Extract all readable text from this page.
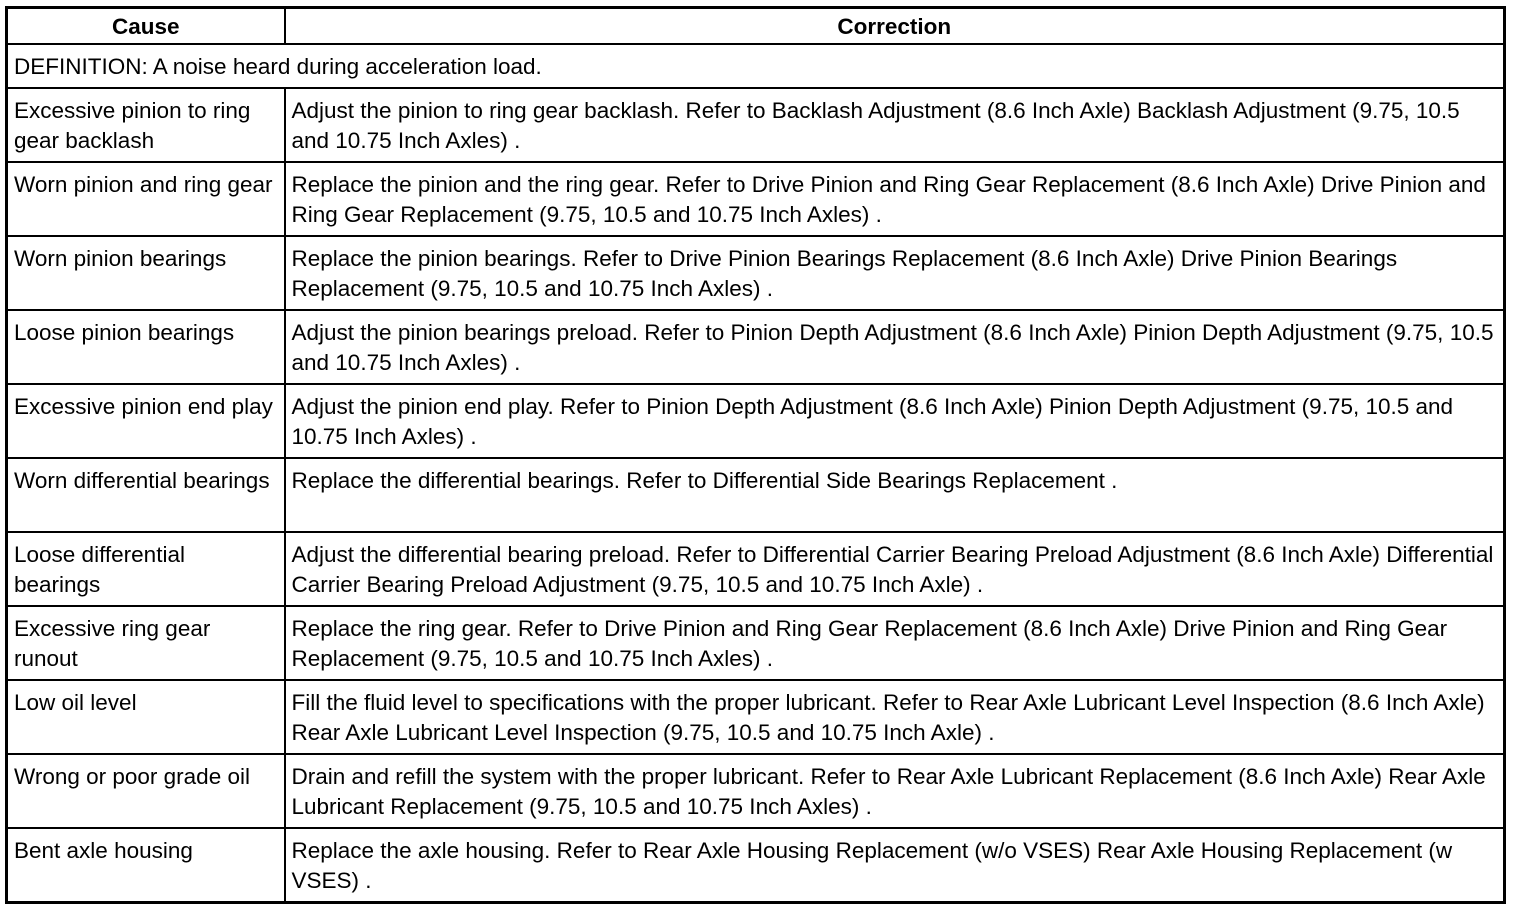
Cause	Correction
DEFINITION: A noise heard during acceleration load.	
Excessive pinion to ring gear backlash	Adjust the pinion to ring gear backlash. Refer to Backlash Adjustment (8.6 Inch Axle) Backlash Adjustment (9.75, 10.5 and 10.75 Inch Axles) .
Worn pinion and ring gear	Replace the pinion and the ring gear. Refer to Drive Pinion and Ring Gear Replacement (8.6 Inch Axle) Drive Pinion and Ring Gear Replacement (9.75, 10.5 and 10.75 Inch Axles) .
Worn pinion bearings	Replace the pinion bearings. Refer to Drive Pinion Bearings Replacement (8.6 Inch Axle) Drive Pinion Bearings Replacement (9.75, 10.5 and 10.75 Inch Axles) .
Loose pinion bearings	Adjust the pinion bearings preload. Refer to Pinion Depth Adjustment (8.6 Inch Axle) Pinion Depth Adjustment (9.75, 10.5 and 10.75 Inch Axles) .
Excessive pinion end play	Adjust the pinion end play. Refer to Pinion Depth Adjustment (8.6 Inch Axle) Pinion Depth Adjustment (9.75, 10.5 and 10.75 Inch Axles) .
Worn differential bearings	Replace the differential bearings. Refer to Differential Side Bearings Replacement .
Loose differential bearings	Adjust the differential bearing preload. Refer to Differential Carrier Bearing Preload Adjustment (8.6 Inch Axle) Differential Carrier Bearing Preload Adjustment (9.75, 10.5 and 10.75 Inch Axle) .
Excessive ring gear runout	Replace the ring gear. Refer to Drive Pinion and Ring Gear Replacement (8.6 Inch Axle) Drive Pinion and Ring Gear Replacement (9.75, 10.5 and 10.75 Inch Axles) .
Low oil level	Fill the fluid level to specifications with the proper lubricant. Refer to Rear Axle Lubricant Level Inspection (8.6 Inch Axle) Rear Axle Lubricant Level Inspection (9.75, 10.5 and 10.75 Inch Axle) .
Wrong or poor grade oil	Drain and refill the system with the proper lubricant. Refer to Rear Axle Lubricant Replacement (8.6 Inch Axle) Rear Axle Lubricant Replacement (9.75, 10.5 and 10.75 Inch Axles) .
Bent axle housing	Replace the axle housing. Refer to Rear Axle Housing Replacement (w/o VSES) Rear Axle Housing Replacement (w VSES) .
